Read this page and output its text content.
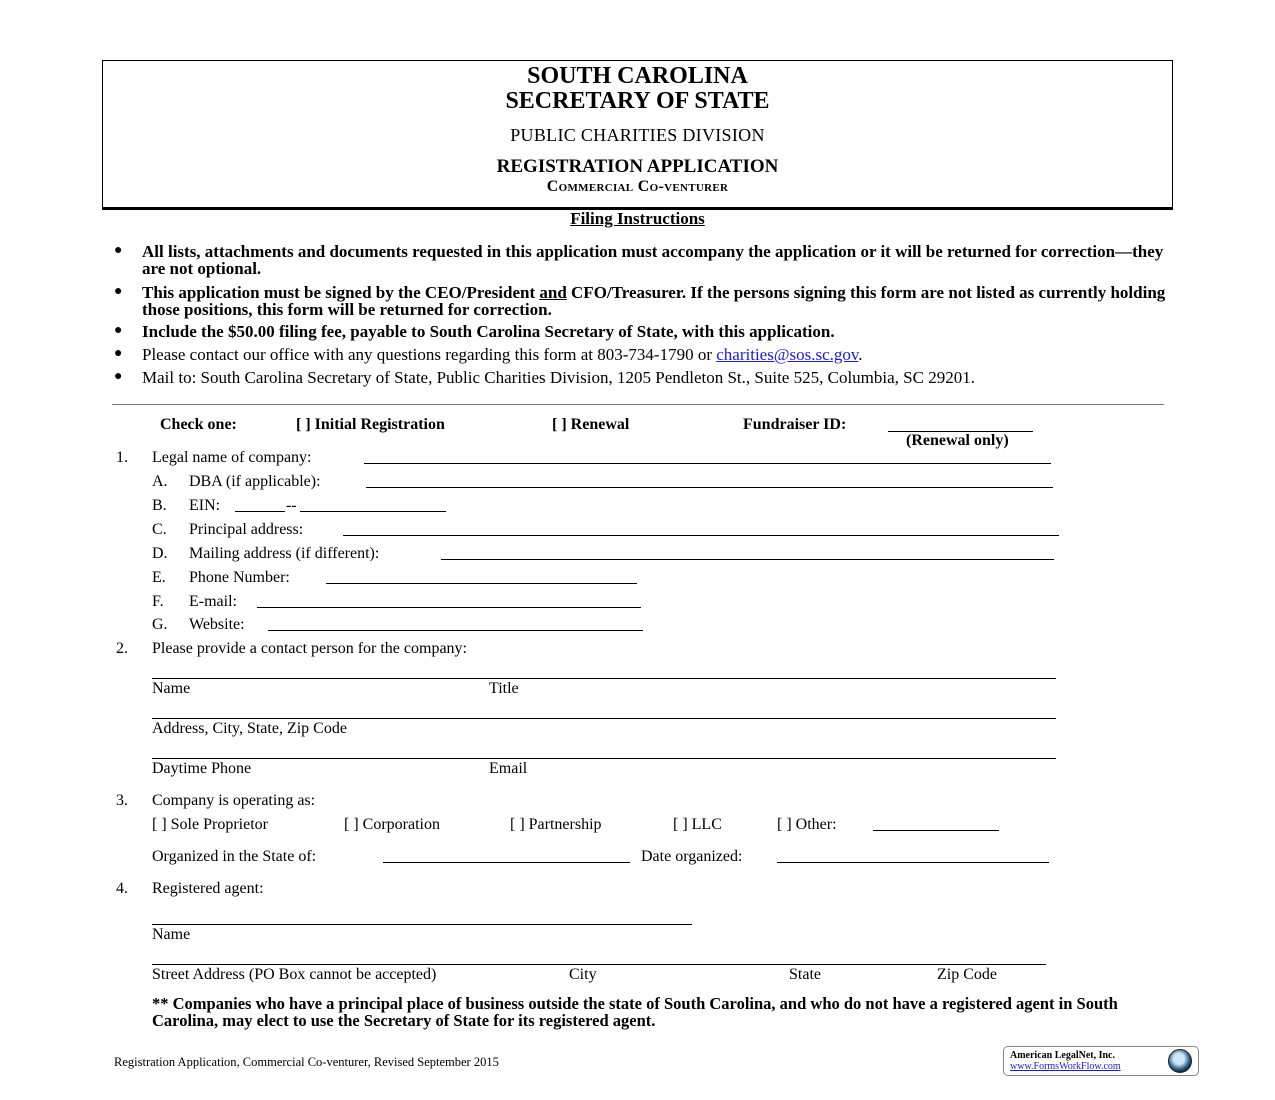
SOUTH CAROLINA
SECRETARY OF STATE
PUBLIC CHARITIES DIVISION
REGISTRATION APPLICATION
Commercial Co-venturer
Filing Instructions
● All lists, attachments and documents requested in this application must accompany the application or it will be returned for correction—they are not optional.
● This application must be signed by the CEO/President and CFO/Treasurer. If the persons signing this form are not listed as currently holding those positions, this form will be returned for correction.
● Include the $50.00 filing fee, payable to South Carolina Secretary of State, with this application.
● Please contact our office with any questions regarding this form at 803-734-1790 or charities@sos.sc.gov.
● Mail to: South Carolina Secretary of State, Public Charities Division, 1205 Pendleton St., Suite 525, Columbia, SC 29201.
Check one:	[ ] Initial Registration	[ ] Renewal	Fundraiser ID:
(Renewal only)
1. Legal name of company:
A. DBA (if applicable):
B. EIN:	--
C. Principal address:
D. Mailing address (if different):
E. Phone Number:
F. E-mail:
G. Website:
2. Please provide a contact person for the company:
Name	Title
Address, City, State, Zip Code
Daytime Phone	Email
3. Company is operating as:
[ ] Sole Proprietor	[ ] Corporation	[ ] Partnership	[ ] LLC	[ ] Other:
Organized in the State of:	Date organized:
4. Registered agent:
Name
Street Address (PO Box cannot be accepted)	City	State	Zip Code
** Companies who have a principal place of business outside the state of South Carolina, and who do not have a registered agent in South Carolina, may elect to use the Secretary of State for its registered agent.
Registration Application, Commercial Co-venturer, Revised September 2015	American LegalNet, Inc.
www.FormsWorkFlow.com
